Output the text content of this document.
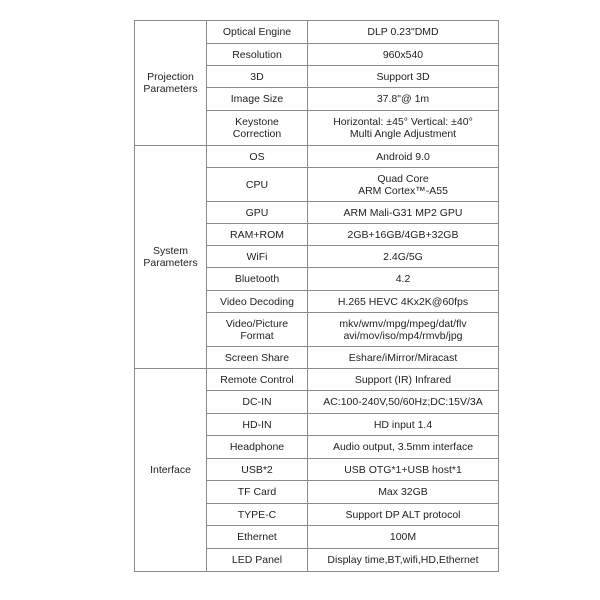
Projection
Parameters	Optical Engine	DLP 0.23"DMD
	Resolution	960x540
	3D	Support 3D
	Image Size	37.8"@ 1m
	Keystone
Correction	Horizontal: ±45° Vertical: ±40°
Multi Angle Adjustment
System
Parameters	OS	Android 9.0
	CPU	Quad Core
ARM Cortex™-A55
	GPU	ARM Mali-G31 MP2 GPU
	RAM+ROM	2GB+16GB/4GB+32GB
	WiFi	2.4G/5G
	Bluetooth	4.2
	Video Decoding	H.265 HEVC 4Kx2K@60fps
	Video/Picture
Format	mkv/wmv/mpg/mpeg/dat/flv
avi/mov/iso/mp4/rmvb/jpg
	Screen Share	Eshare/iMirror/Miracast
Interface	Remote Control	Support (IR) Infrared
	DC-IN	AC:100-240V,50/60Hz;DC:15V/3A
	HD-IN	HD input 1.4
	Headphone	Audio output, 3.5mm interface
	USB*2	USB OTG*1+USB host*1
	TF Card	Max 32GB
	TYPE-C	Support DP ALT protocol
	Ethernet	100M
	LED Panel	Display time,BT,wifi,HD,Ethernet
